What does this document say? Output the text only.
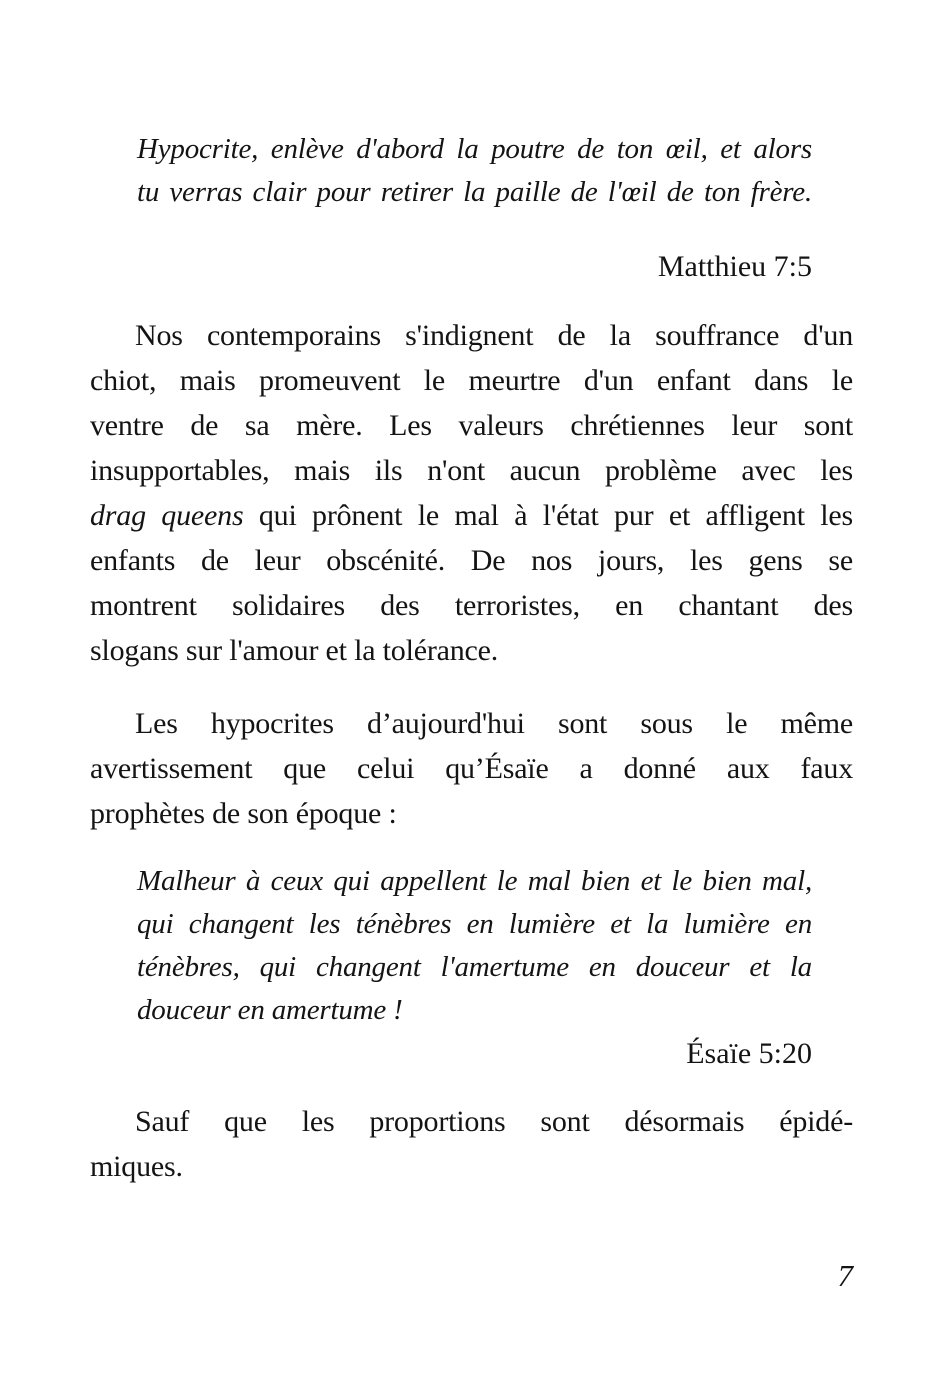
Hypocrite, enlève d'abord la poutre de ton œil, et alors
tu verras clair pour retirer la paille de l'œil de ton frère.
Matthieu 7:5
Nos contemporains s'indignent de la souffrance d'un
chiot, mais promeuvent le meurtre d'un enfant dans le
ventre de sa mère. Les valeurs chrétiennes leur sont
insupportables, mais ils n'ont aucun problème avec les
drag queens qui prônent le mal à l'état pur et affligent les
enfants de leur obscénité. De nos jours, les gens se
montrent solidaires des terroristes, en chantant des
slogans sur l'amour et la tolérance.
Les hypocrites d’aujourd'hui sont sous le même
avertissement que celui qu’Ésaïe a donné aux faux
prophètes de son époque :
Malheur à ceux qui appellent le mal bien et le bien mal,
qui changent les ténèbres en lumière et la lumière en
ténèbres, qui changent l'amertume en douceur et la
douceur en amertume !
Ésaïe 5:20
Sauf que les proportions sont désormais épidé-
miques.
7
